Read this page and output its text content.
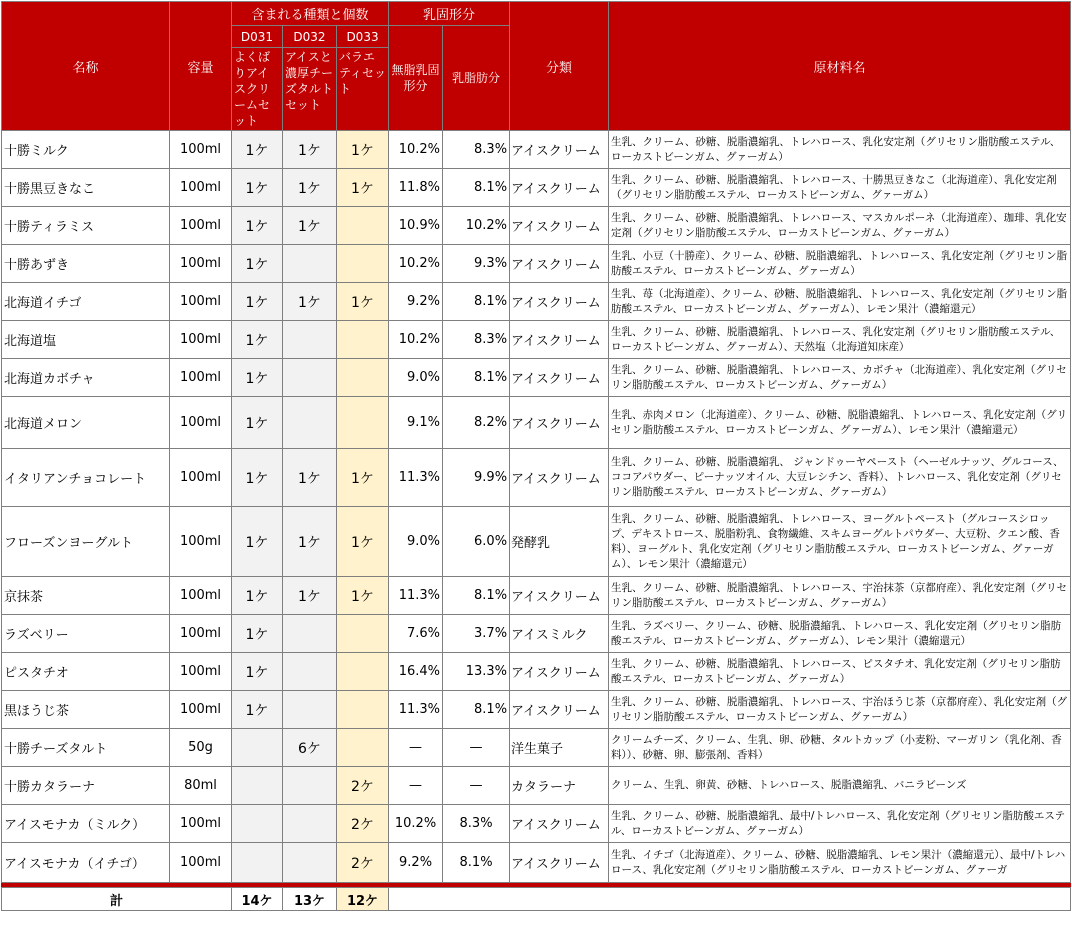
名称	容量	含まれる種類と個数			乳固形分		分類	原材料名
		D031	D032	D033	無脂乳固形分	乳脂肪分		
		よくばりアイスクリームセット	アイスと濃厚チーズタルトセット	バラエティセット				
十勝ミルク	100ml	1ケ	1ケ	1ケ	10.2%	8.3%	アイスクリーム	生乳、クリーム、砂糖、脱脂濃縮乳、トレハロース、乳化安定剤（グリセリン脂肪酸エステル、ローカストビーンガム、グァーガム）
十勝黒豆きなこ	100ml	1ケ	1ケ	1ケ	11.8%	8.1%	アイスクリーム	生乳、クリーム、砂糖、脱脂濃縮乳、トレハロース、十勝黒豆きなこ（北海道産）、乳化安定剤（グリセリン脂肪酸エステル、ローカストビーンガム、グァーガム）
十勝ティラミス	100ml	1ケ	1ケ		10.9%	10.2%	アイスクリーム	生乳、クリーム、砂糖、脱脂濃縮乳、トレハロース、マスカルポーネ（北海道産）、珈琲、乳化安定剤（グリセリン脂肪酸エステル、ローカストビーンガム、グァーガム）
十勝あずき	100ml	1ケ			10.2%	9.3%	アイスクリーム	生乳、小豆（十勝産）、クリーム、砂糖、脱脂濃縮乳、トレハロース、乳化安定剤（グリセリン脂肪酸エステル、ローカストビーンガム、グァーガム）
北海道イチゴ	100ml	1ケ	1ケ	1ケ	9.2%	8.1%	アイスクリーム	生乳、苺（北海道産）、クリーム、砂糖、脱脂濃縮乳、トレハロース、乳化安定剤（グリセリン脂肪酸エステル、ローカストビーンガム、グァーガム）、レモン果汁（濃縮還元）
北海道塩	100ml	1ケ			10.2%	8.3%	アイスクリーム	生乳、クリーム、砂糖、脱脂濃縮乳、トレハロース、乳化安定剤（グリセリン脂肪酸エステル、ローカストビーンガム、グァーガム）、天然塩（北海道知床産）
北海道カボチャ	100ml	1ケ			9.0%	8.1%	アイスクリーム	生乳、クリーム、砂糖、脱脂濃縮乳、トレハロース、カボチャ（北海道産）、乳化安定剤（グリセリン脂肪酸エステル、ローカストビーンガム、グァーガム）
北海道メロン	100ml	1ケ			9.1%	8.2%	アイスクリーム	生乳、赤肉メロン（北海道産）、クリーム、砂糖、脱脂濃縮乳、トレハロース、乳化安定剤（グリセリン脂肪酸エステル、ローカストビーンガム、グァーガム）、レモン果汁（濃縮還元）
イタリアンチョコレート	100ml	1ケ	1ケ	1ケ	11.3%	9.9%	アイスクリーム	生乳、クリーム、砂糖、脱脂濃縮乳、 ジャンドゥーヤペースト（ヘーゼルナッツ、グルコース、ココアパウダー、ピーナッツオイル、大豆レシチン、香料）、トレハロース、乳化安定剤（グリセリン脂肪酸エステル、ローカストビーンガム、グァーガム）
フローズンヨーグルト	100ml	1ケ	1ケ	1ケ	9.0%	6.0%	発酵乳	生乳、クリーム、砂糖、脱脂濃縮乳、トレハロース、ヨーグルトペースト（グルコースシロップ、デキストロース、脱脂粉乳、食物繊維、スキムヨーグルトパウダー、大豆粉、クエン酸、香料）、ヨーグルト、乳化安定剤（グリセリン脂肪酸エステル、ローカストビーンガム、グァーガム）、レモン果汁（濃縮還元）
京抹茶	100ml	1ケ	1ケ	1ケ	11.3%	8.1%	アイスクリーム	生乳、クリーム、砂糖、脱脂濃縮乳、トレハロース、宇治抹茶（京都府産）、乳化安定剤（グリセリン脂肪酸エステル、ローカストビーンガム、グァーガム）
ラズベリー	100ml	1ケ			7.6%	3.7%	アイスミルク	生乳、ラズベリー、クリーム、砂糖、脱脂濃縮乳、トレハロース、乳化安定剤（グリセリン脂肪酸エステル、ローカストビーンガム、グァーガム）、レモン果汁（濃縮還元）
ピスタチオ	100ml	1ケ			16.4%	13.3%	アイスクリーム	生乳、クリーム、砂糖、脱脂濃縮乳、トレハロース、ピスタチオ、乳化安定剤（グリセリン脂肪酸エステル、ローカストビーンガム、グァーガム）
黒ほうじ茶	100ml	1ケ			11.3%	8.1%	アイスクリーム	生乳、クリーム、砂糖、脱脂濃縮乳、トレハロース、宇治ほうじ茶（京都府産）、乳化安定剤（グリセリン脂肪酸エステル、ローカストビーンガム、グァーガム）
十勝チーズタルト	50g		6ケ		—	—	洋生菓子	クリームチーズ、クリーム、生乳、卵、砂糖、タルトカップ（小麦粉、マーガリン（乳化剤、香料））、砂糖、卵、膨張剤、香料）
十勝カタラーナ	80ml			2ケ	—	—	カタラーナ	クリーム、生乳、卵黄、砂糖、トレハロース、脱脂濃縮乳、バニラビーンズ
アイスモナカ（ミルク）	100ml			2ケ	10.2%	8.3%	アイスクリーム	生乳、クリーム、砂糖、脱脂濃縮乳、最中/トレハロース、乳化安定剤（グリセリン脂肪酸エステル、ローカストビーンガム、グァーガム）
アイスモナカ（イチゴ）	100ml			2ケ	9.2%	8.1%	アイスクリーム	生乳、イチゴ（北海道産）、クリーム、砂糖、脱脂濃縮乳、レモン果汁（濃縮還元）、最中/トレハロース、乳化安定剤（グリセリン脂肪酸エステル、ローカストビーンガム、グァーガ

計		14ケ	13ケ	12ケ				
